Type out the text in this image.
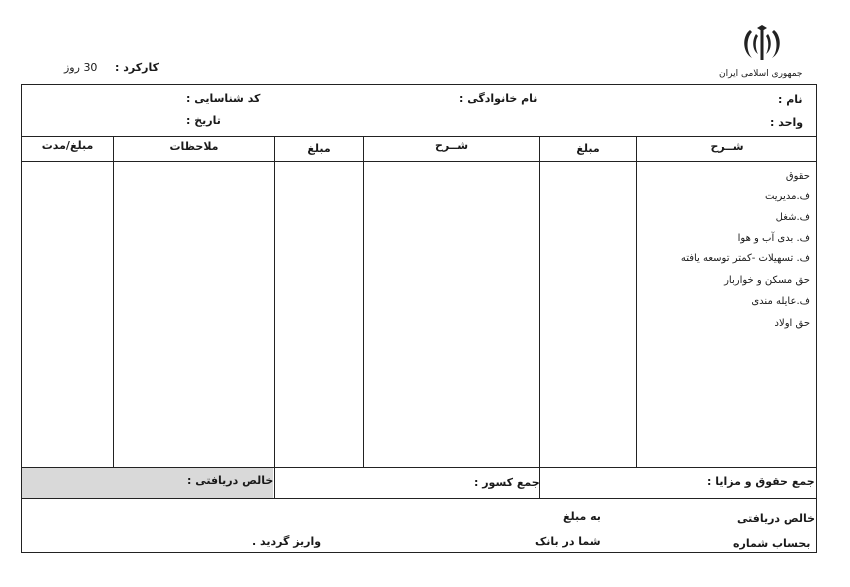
جمهوری اسلامی ایران
کارکرد :
30 روز
نام :
واحد :
نام خانوادگی :
کد شناسایی :
تاریخ :
شــرح
مبلغ
شــرح
مبلغ
ملاحظات
مبلغ/مدت
حقوق
ف.مدیریت
ف.شغل
ف. بدی آب و هوا
ف. تسهیلات -کمتر توسعه یافته
حق مسکن و خواربار
ف.عایله مندی
حق اولاد
جمع حقوق و مزایا :
جمع کسور :
خالص دریافتی :
خالص دریافتی
به مبلغ
بحساب شماره
شما در بانک
واریز گردید .
